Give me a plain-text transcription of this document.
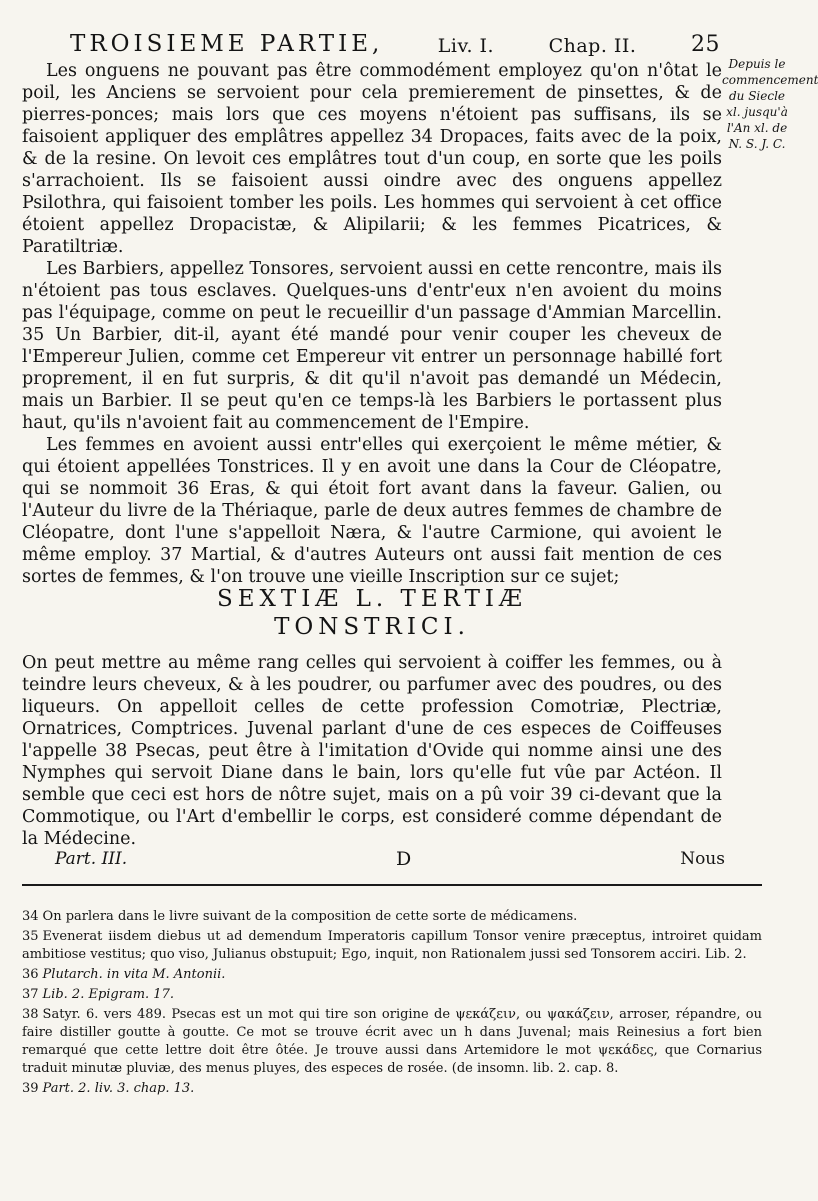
TROISIEME PARTIE,	Liv. I.	Chap. II. 25
Depuis le commencement du Siecle xl. jusqu'à l'An xl. de N. S. J. C.

Les onguens ne pouvant pas être commodément employez qu'on n'ôtat le poil, les Anciens se servoient pour cela premierement de pinsettes, & de pierres-ponces; mais lors que ces moyens n'étoient pas suffisans, ils se faisoient appliquer des emplâtres appellez 34 Dropaces, faits avec de la poix, & de la resine. On levoit ces emplâtres tout d'un coup, en sorte que les poils s'arrachoient. Ils se faisoient aussi oindre avec des onguens appellez Psilothra, qui faisoient tomber les poils. Les hommes qui servoient à cet office étoient appellez Dropacistæ, & Alipilarii; & les femmes Picatrices, & Paratiltriæ.

Les Barbiers, appellez Tonsores, servoient aussi en cette rencontre, mais ils n'étoient pas tous esclaves. Quelques-uns d'entr'eux n'en avoient du moins pas l'équipage, comme on peut le recueillir d'un passage d'Ammian Marcellin. 35 Un Barbier, dit-il, ayant été mandé pour venir couper les cheveux de l'Empereur Julien, comme cet Empereur vit entrer un personnage habillé fort proprement, il en fut surpris, & dit qu'il n'avoit pas demandé un Médecin, mais un Barbier. Il se peut qu'en ce temps-là les Barbiers le portassent plus haut, qu'ils n'avoient fait au commencement de l'Empire.

Les femmes en avoient aussi entr'elles qui exerçoient le même métier, & qui étoient appellées Tonstrices. Il y en avoit une dans la Cour de Cléopatre, qui se nommoit 36 Eras, & qui étoit fort avant dans la faveur. Galien, ou l'Auteur du livre de la Thériaque, parle de deux autres femmes de chambre de Cléopatre, dont l'une s'appelloit Næra, & l'autre Carmione, qui avoient le même employ. 37 Martial, & d'autres Auteurs ont aussi fait mention de ces sortes de femmes, & l'on trouve une vieille Inscription sur ce sujet;

SEXTIÆ L. TERTIÆ
TONSTRICI.

On peut mettre au même rang celles qui servoient à coiffer les femmes, ou à teindre leurs cheveux, & à les poudrer, ou parfumer avec des poudres, ou des liqueurs. On appelloit celles de cette profession Comotriæ, Plectriæ, Ornatrices, Comptrices. Juvenal parlant d'une de ces especes de Coiffeuses l'appelle 38 Psecas, peut être à l'imitation d'Ovide qui nomme ainsi une des Nymphes qui servoit Diane dans le bain, lors qu'elle fut vûe par Actéon. Il semble que ceci est hors de nôtre sujet, mais on a pû voir 39 ci-devant que la Commotique, ou l'Art d'embellir le corps, est consideré comme dépendant de la Médecine.

Part. III.	D	Nous
34 On parlera dans le livre suivant de la composition de cette sorte de médicamens.
35 Evenerat iisdem diebus ut ad demendum Imperatoris capillum Tonsor venire præceptus, introiret quidam ambitiose vestitus; quo viso, Julianus obstupuit; Ego, inquit, non Rationalem jussi sed Tonsorem acciri. Lib. 2.
36 Plutarch. in vita M. Antonii.
37 Lib. 2. Epigram. 17.
38 Satyr. 6. vers 489. Psecas est un mot qui tire son origine de ψεκάζειν, ou ψακάζειν, arroser, répandre, ou faire distiller goutte à goutte. Ce mot se trouve écrit avec un h dans Juvenal; mais Reinesius a fort bien remarqué que cette lettre doit être ôtée. Je trouve aussi dans Artemidore le mot ψεκάδες, que Cornarius traduit minutæ pluviæ, des menus pluyes, des especes de rosée. (de insomn. lib. 2. cap. 8.
39 Part. 2. liv. 3. chap. 13.
